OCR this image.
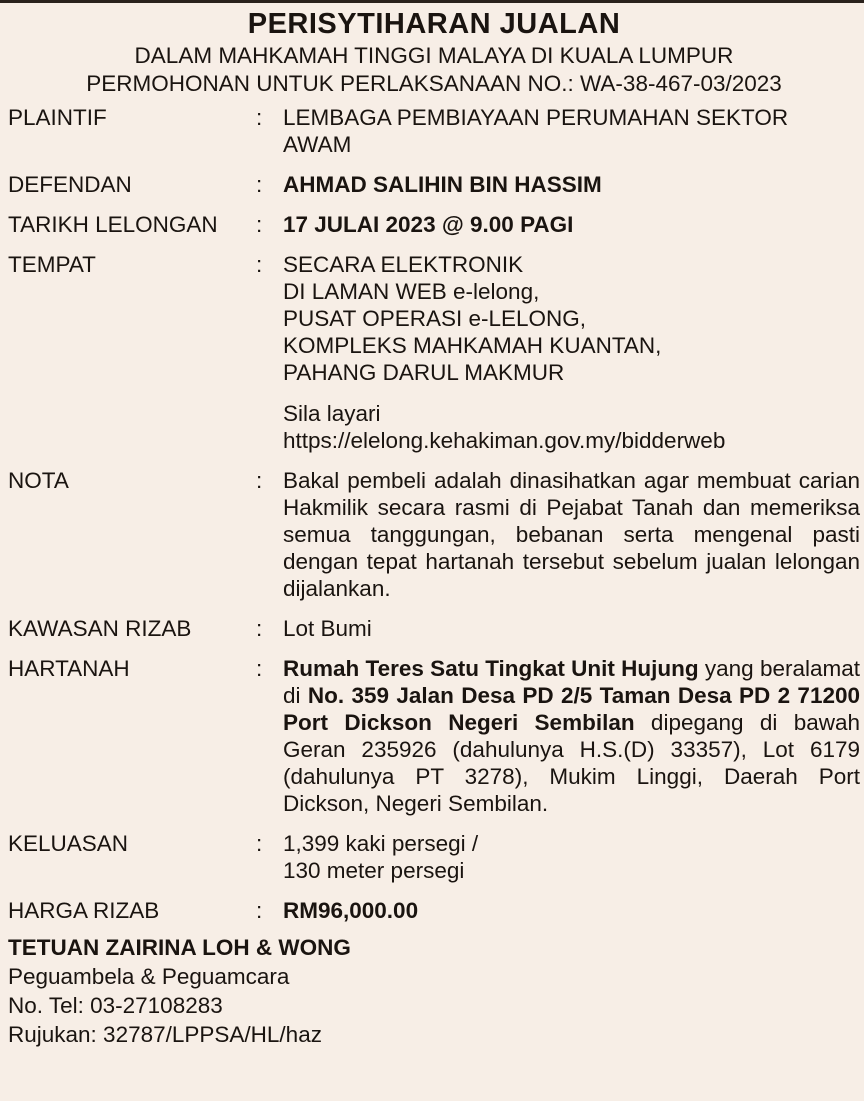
PERISYTIHARAN JUALAN

DALAM MAHKAMAH TINGGI MALAYA DI KUALA LUMPUR

PERMOHONAN UNTUK PERLAKSANAAN NO.: WA-38-467-03/2023

PLAINTIF	: LEMBAGA PEMBIAYAAN PERUMAHAN SEKTOR
AWAM
DEFENDAN	: AHMAD SALIHIN BIN HASSIM
TARIKH LELONGAN	: 17 JULAI 2023 @ 9.00 PAGI
TEMPAT	: SECARA ELEKTRONIK
DI LAMAN WEB e-lelong,
PUSAT OPERASI e-LELONG,
KOMPLEKS MAHKAMAH KUANTAN,
PAHANG DARUL MAKMUR
Sila layari
https://elelong.kehakiman.gov.my/bidderweb
NOTA	: Bakal pembeli adalah dinasihatkan agar membuat carian Hakmilik secara rasmi di Pejabat Tanah dan memeriksa semua tanggungan, bebanan serta mengenal pasti dengan tepat hartanah tersebut sebelum jualan lelongan dijalankan.
KAWASAN RIZAB	: Lot Bumi
HARTANAH	: Rumah Teres Satu Tingkat Unit Hujung yang beralamat di No. 359 Jalan Desa PD 2/5 Taman Desa PD 2 71200 Port Dickson Negeri Sembilan dipegang di bawah Geran 235926 (dahulunya H.S.(D) 33357), Lot 6179 (dahulunya PT 3278), Mukim Linggi, Daerah Port Dickson, Negeri Sembilan.
KELUASAN	: 1,399 kaki persegi /
130 meter persegi
HARGA RIZAB	: RM96,000.00
TETUAN ZAIRINA LOH & WONG
Peguambela & Peguamcara
No. Tel: 03-27108283
Rujukan: 32787/LPPSA/HL/haz
